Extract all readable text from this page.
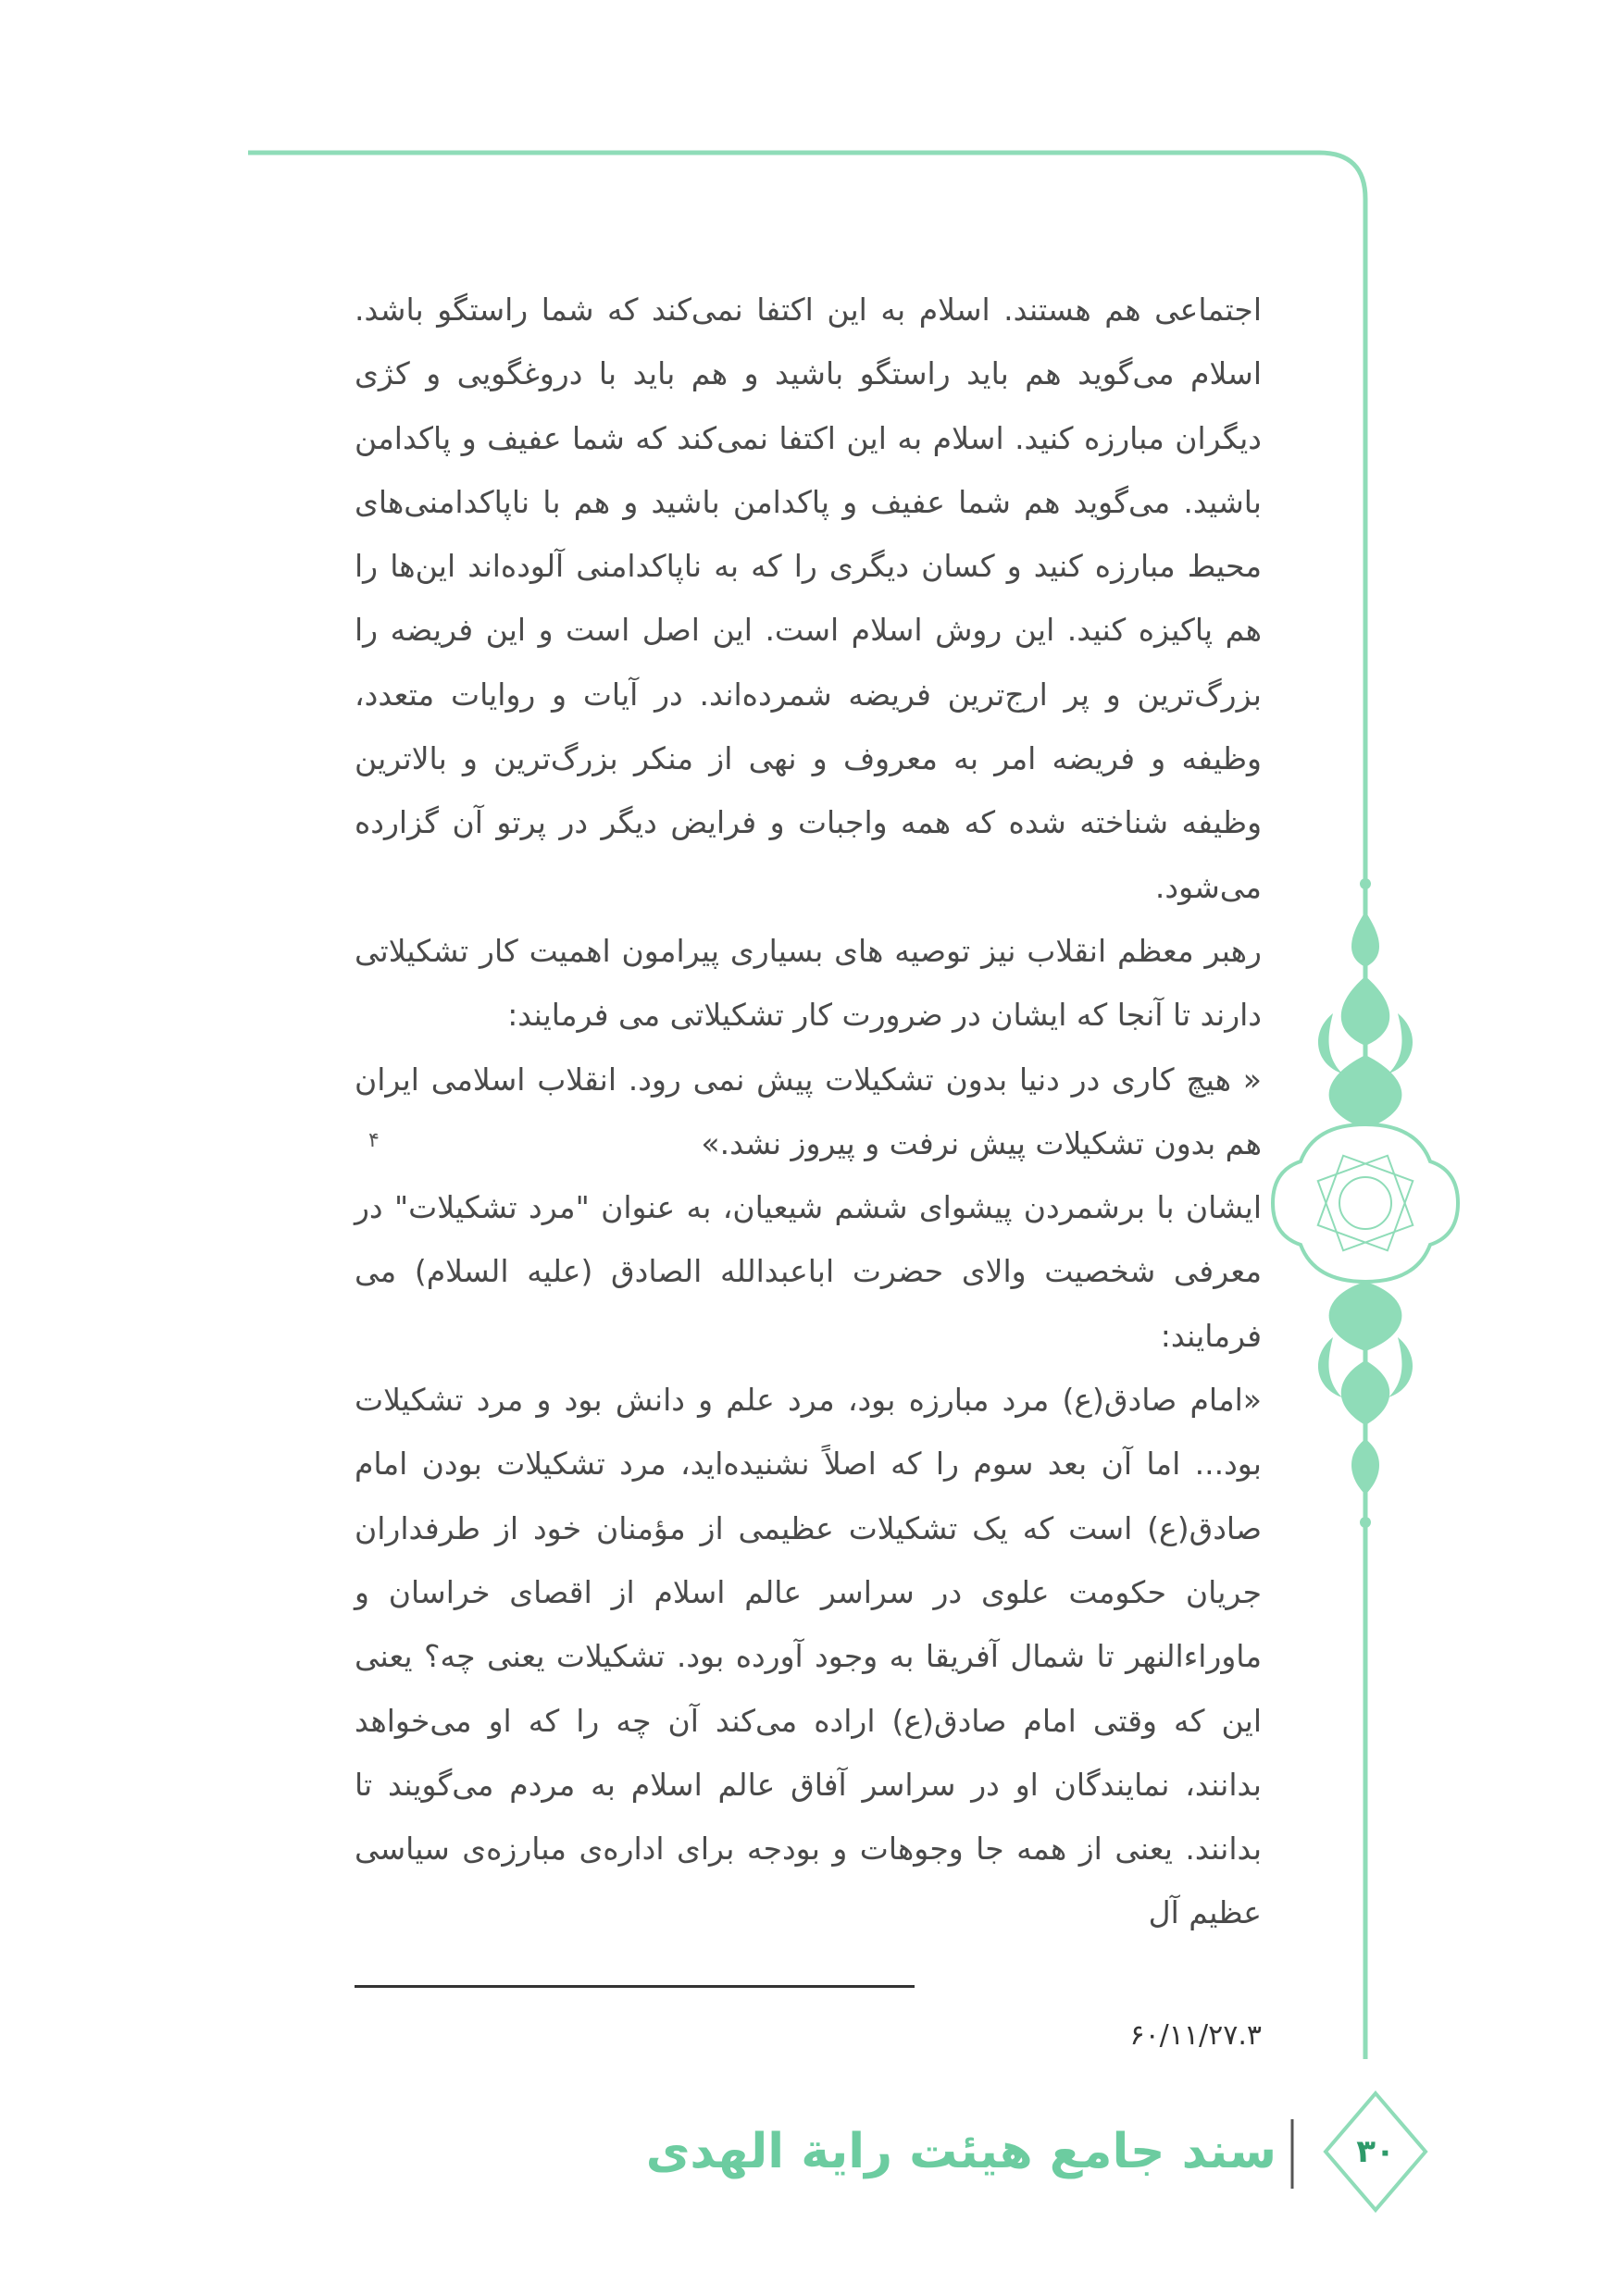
اجتماعی هم هستند. اسلام به این اکتفا نمی‌کند که شما راستگو باشد. اسلام می‌گوید هم باید راستگو باشید و هم باید با دروغگویی و کژی دیگران مبارزه کنید. اسلام به این اکتفا نمی‌کند که شما عفیف و پاکدامن باشید. می‌گوید هم شما عفیف و پاکدامن باشید و هم با ناپاکدامنی‌های محیط مبارزه کنید و کسان دیگری را که به ناپاکدامنی آلوده‌اند این‌ها را هم پاکیزه کنید. این روش اسلام است. این اصل است و این فریضه را بزرگ‌ترین و پر ارج‌ترین فریضه شمرده‌اند. در آیات و روایات متعدد، وظیفه و فریضه امر به معروف و نهی از منکر بزرگ‌ترین و بالاترین وظیفه شناخته شده که همه واجبات و فرایض دیگر در پرتو آن گزارده می‌شود.

رهبر معظم انقلاب نیز توصیه های بسیاری پیرامون اهمیت کار تشکیلاتی دارند تا آنجا که ایشان در ضرورت کار تشکیلاتی می فرمایند:

« هیچ کاری در دنیا بدون تشکیلات پیش نمی رود. انقلاب اسلامی ایران هم بدون تشکیلات پیش نرفت و پیروز نشد.»

ایشان با برشمردن پیشوای ششم شیعیان، به عنوان "مرد تشکیلات" در معرفی شخصیت والای حضرت اباعبدالله الصادق (علیه السلام) می فرمایند:

«امام صادق(ع) مرد مبارزه بود، مرد علم و دانش بود و مرد تشکیلات بود... اما آن بعد سوم را که اصلاً نشنیده‌اید، مرد تشکیلات بودن امام صادق(ع) است که یک تشکیلات عظیمی از مؤمنان خود از طرفداران جریان حکومت علوی در سراسر عالم اسلام از اقصای خراسان و ماوراء‌النهر تا شمال آفریقا به وجود آورده بود. تشکیلات یعنی چه؟ یعنی این که وقتی امام صادق(ع) اراده می‌کند آن چه را که او می‌خواهد بدانند، نمایندگان او در سراسر آفاق عالم اسلام به مردم می‌گویند تا بدانند. یعنی از همه جا وجوهات و بودجه برای اداره‌ی مبارزه‌ی سیاسی عظیم آل

۴
۶۰/۱۱/۲۷.۳
سند جامع هیئت رایة الهدی	۳۰
